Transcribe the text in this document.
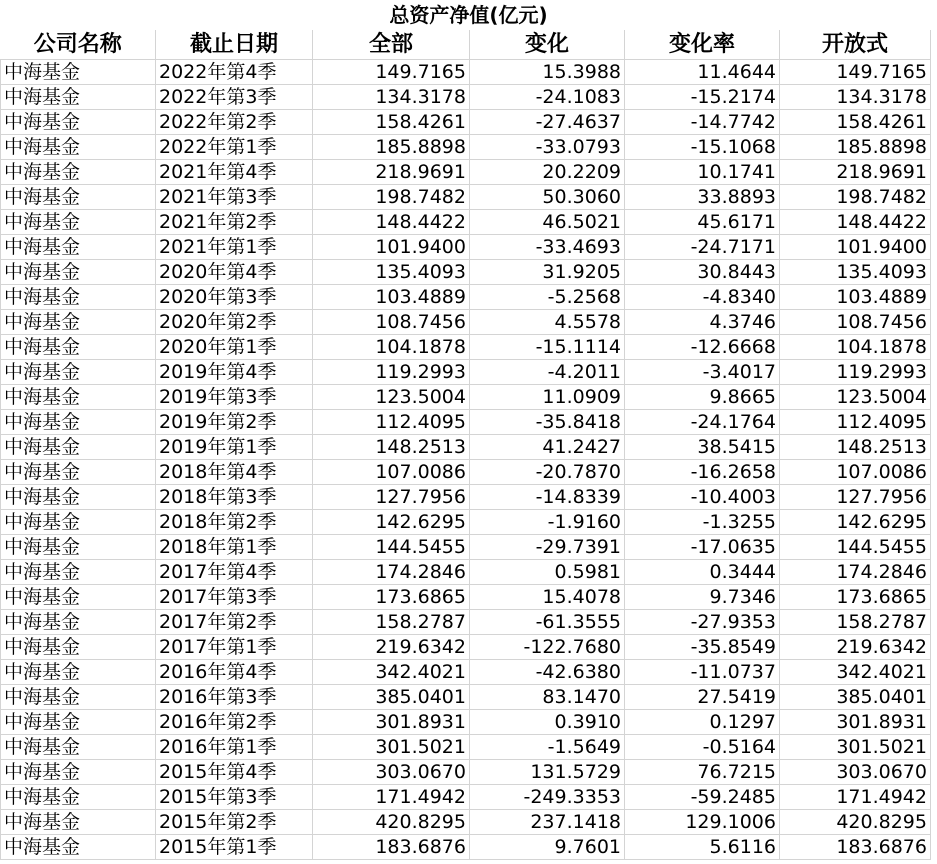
		总资产净值(亿元)			
公司名称	截止日期	全部	变化	变化率	开放式
中海基金	2022年第4季	149.7165	15.3988	11.4644	149.7165
中海基金	2022年第3季	134.3178	-24.1083	-15.2174	134.3178
中海基金	2022年第2季	158.4261	-27.4637	-14.7742	158.4261
中海基金	2022年第1季	185.8898	-33.0793	-15.1068	185.8898
中海基金	2021年第4季	218.9691	20.2209	10.1741	218.9691
中海基金	2021年第3季	198.7482	50.3060	33.8893	198.7482
中海基金	2021年第2季	148.4422	46.5021	45.6171	148.4422
中海基金	2021年第1季	101.9400	-33.4693	-24.7171	101.9400
中海基金	2020年第4季	135.4093	31.9205	30.8443	135.4093
中海基金	2020年第3季	103.4889	-5.2568	-4.8340	103.4889
中海基金	2020年第2季	108.7456	4.5578	4.3746	108.7456
中海基金	2020年第1季	104.1878	-15.1114	-12.6668	104.1878
中海基金	2019年第4季	119.2993	-4.2011	-3.4017	119.2993
中海基金	2019年第3季	123.5004	11.0909	9.8665	123.5004
中海基金	2019年第2季	112.4095	-35.8418	-24.1764	112.4095
中海基金	2019年第1季	148.2513	41.2427	38.5415	148.2513
中海基金	2018年第4季	107.0086	-20.7870	-16.2658	107.0086
中海基金	2018年第3季	127.7956	-14.8339	-10.4003	127.7956
中海基金	2018年第2季	142.6295	-1.9160	-1.3255	142.6295
中海基金	2018年第1季	144.5455	-29.7391	-17.0635	144.5455
中海基金	2017年第4季	174.2846	0.5981	0.3444	174.2846
中海基金	2017年第3季	173.6865	15.4078	9.7346	173.6865
中海基金	2017年第2季	158.2787	-61.3555	-27.9353	158.2787
中海基金	2017年第1季	219.6342	-122.7680	-35.8549	219.6342
中海基金	2016年第4季	342.4021	-42.6380	-11.0737	342.4021
中海基金	2016年第3季	385.0401	83.1470	27.5419	385.0401
中海基金	2016年第2季	301.8931	0.3910	0.1297	301.8931
中海基金	2016年第1季	301.5021	-1.5649	-0.5164	301.5021
中海基金	2015年第4季	303.0670	131.5729	76.7215	303.0670
中海基金	2015年第3季	171.4942	-249.3353	-59.2485	171.4942
中海基金	2015年第2季	420.8295	237.1418	129.1006	420.8295
中海基金	2015年第1季	183.6876	9.7601	5.6116	183.6876
